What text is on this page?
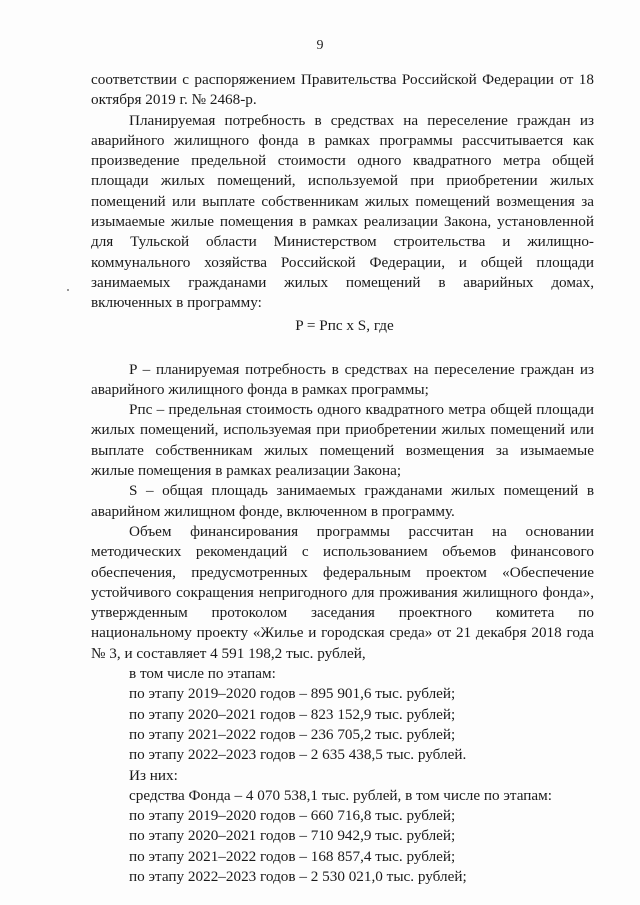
9

соответствии с распоряжением Правительства Российской Федерации от 18 октября 2019 г. № 2468-р.

Планируемая потребность в средствах на переселение граждан из аварийного жилищного фонда в рамках программы рассчитывается как произведение предельной стоимости одного квадратного метра общей площади жилых помещений, используемой при приобретении жилых помещений или выплате собственникам жилых помещений возмещения за изымаемые жилые помещения в рамках реализации Закона, установленной для Тульской области Министерством строительства и жилищно-коммунального хозяйства Российской Федерации, и общей площади занимаемых гражданами жилых помещений в аварийных домах, включенных в программу:

P = Рпс x S, где

P – планируемая потребность в средствах на переселение граждан из аварийного жилищного фонда в рамках программы;

Рпс – предельная стоимость одного квадратного метра общей площади жилых помещений, используемая при приобретении жилых помещений или выплате собственникам жилых помещений возмещения за изымаемые жилые помещения в рамках реализации Закона;

S – общая площадь занимаемых гражданами жилых помещений в аварийном жилищном фонде, включенном в программу.

Объем финансирования программы рассчитан на основании методических рекомендаций с использованием объемов финансового обеспечения, предусмотренных федеральным проектом «Обеспечение устойчивого сокращения непригодного для проживания жилищного фонда», утвержденным протоколом заседания проектного комитета по национальному проекту «Жилье и городская среда» от 21 декабря 2018 года № 3, и составляет 4 591 198,2 тыс. рублей,

в том числе по этапам:

по этапу 2019–2020 годов – 895 901,6 тыс. рублей;

по этапу 2020–2021 годов – 823 152,9 тыс. рублей;

по этапу 2021–2022 годов – 236 705,2 тыс. рублей;

по этапу 2022–2023 годов – 2 635 438,5 тыс. рублей.

Из них:

средства Фонда – 4 070 538,1 тыс. рублей, в том числе по этапам:

по этапу 2019–2020 годов – 660 716,8 тыс. рублей;

по этапу 2020–2021 годов – 710 942,9 тыс. рублей;

по этапу 2021–2022 годов – 168 857,4 тыс. рублей;

по этапу 2022–2023 годов – 2 530 021,0 тыс. рублей;
